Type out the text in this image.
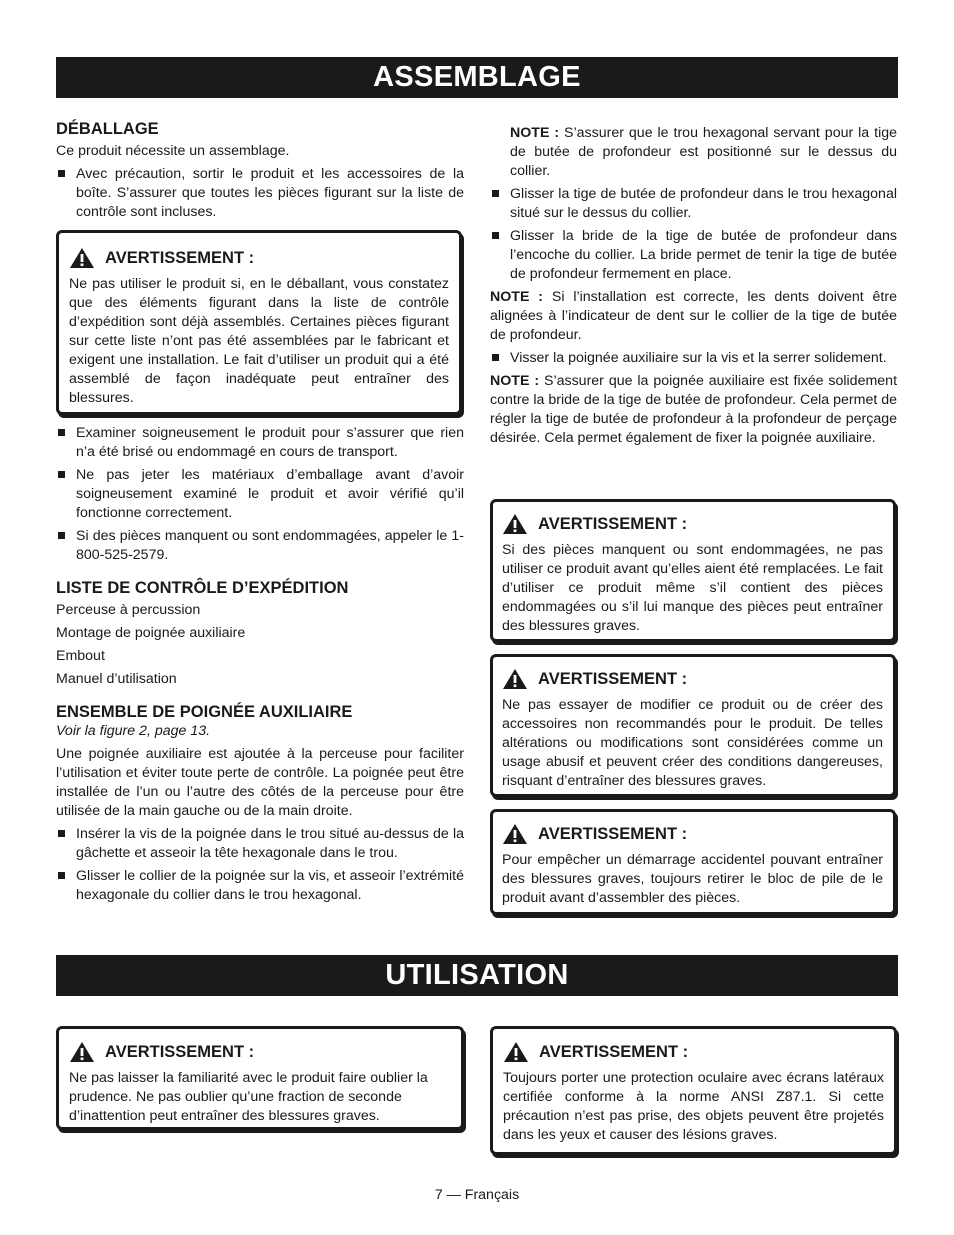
ASSEMBLAGE
DÉBALLAGE

Ce produit nécessite un assemblage.

Avec précaution, sortir le produit et les accessoires de la boîte. S’assurer que toutes les pièces figurant sur la liste de contrôle sont incluses.
AVERTISSEMENT :

Ne pas utiliser le produit si, en le déballant, vous constatez que des éléments figurant dans la liste de contrôle d’expédition sont déjà assemblés. Certaines pièces figurant sur cette liste n’ont pas été assemblées par le fabricant et exigent une installation. Le fait d’utiliser un produit qui a été assemblé de façon inadéquate peut entraîner des blessures.

Examiner soigneusement le produit pour s’assurer que rien n’a été brisé ou endommagé en cours de transport.
Ne pas jeter les matériaux d’emballage avant d’avoir soigneusement examiné le produit et avoir vérifié qu’il fonctionne correctement.
Si des pièces manquent ou sont endommagées, appeler le 1-800-525-2579.
LISTE DE CONTRÔLE D’EXPÉDITION

Perceuse à percussion

Montage de poignée auxiliaire

Embout

Manuel d’utilisation

ENSEMBLE DE POIGNÉE AUXILIAIRE

Voir la figure 2, page 13.

Une poignée auxiliaire est ajoutée à la perceuse pour faciliter l’utilisation et éviter toute perte de contrôle. La poignée peut être installée de l’un ou l’autre des côtés de la perceuse pour être utilisée de la main gauche ou de la main droite.

Insérer la vis de la poignée dans le trou situé au-dessus de la gâchette et asseoir la tête hexagonale dans le trou.
Glisser le collier de la poignée sur la vis, et asseoir l’extrémité hexagonale du collier dans le trou hexagonal.

NOTE : S’assurer que le trou hexagonal servant pour la tige de butée de profondeur est positionné sur le dessus du collier.

Glisser la tige de butée de profondeur dans le trou hexagonal situé sur le dessus du collier.
Glisser la bride de la tige de butée de profondeur dans l’encoche du collier. La bride permet de tenir la tige de butée de profondeur fermement en place.

NOTE : Si l’installation est correcte, les dents doivent être alignées à l’indicateur de dent sur le collier de la tige de butée de profondeur.

Visser la poignée auxiliaire sur la vis et la serrer solidement.

NOTE : S’assurer que la poignée auxiliaire est fixée solidement contre la bride de la tige de butée de profondeur. Cela permet de régler la tige de butée de profondeur à la profondeur de perçage désirée. Cela permet également de fixer la poignée auxiliaire.

AVERTISSEMENT :

Si des pièces manquent ou sont endommagées, ne pas utiliser ce produit avant qu’elles aient été remplacées. Le fait d’utiliser ce produit même s’il contient des pièces endommagées ou s’il lui manque des pièces peut entraîner des blessures graves.

AVERTISSEMENT :

Ne pas essayer de modifier ce produit ou de créer des accessoires non recommandés pour le produit. De telles altérations ou modifications sont considérées comme un usage abusif et peuvent créer des conditions dangereuses, risquant d’entraîner des blessures graves.

AVERTISSEMENT :

Pour empêcher un démarrage accidentel pouvant entraîner des blessures graves, toujours retirer le bloc de pile de le produit avant d’assembler des pièces.

UTILISATION
AVERTISSEMENT :

Ne pas laisser la familiarité avec le produit faire oublier la prudence. Ne pas oublier qu’une fraction de seconde d’inattention peut entraîner des blessures graves.

AVERTISSEMENT :

Toujours porter une protection oculaire avec écrans latéraux certifiée conforme à la norme ANSI Z87.1. Si cette précaution n’est pas prise, des objets peuvent être projetés dans les yeux et causer des lésions graves.

7 — Français
